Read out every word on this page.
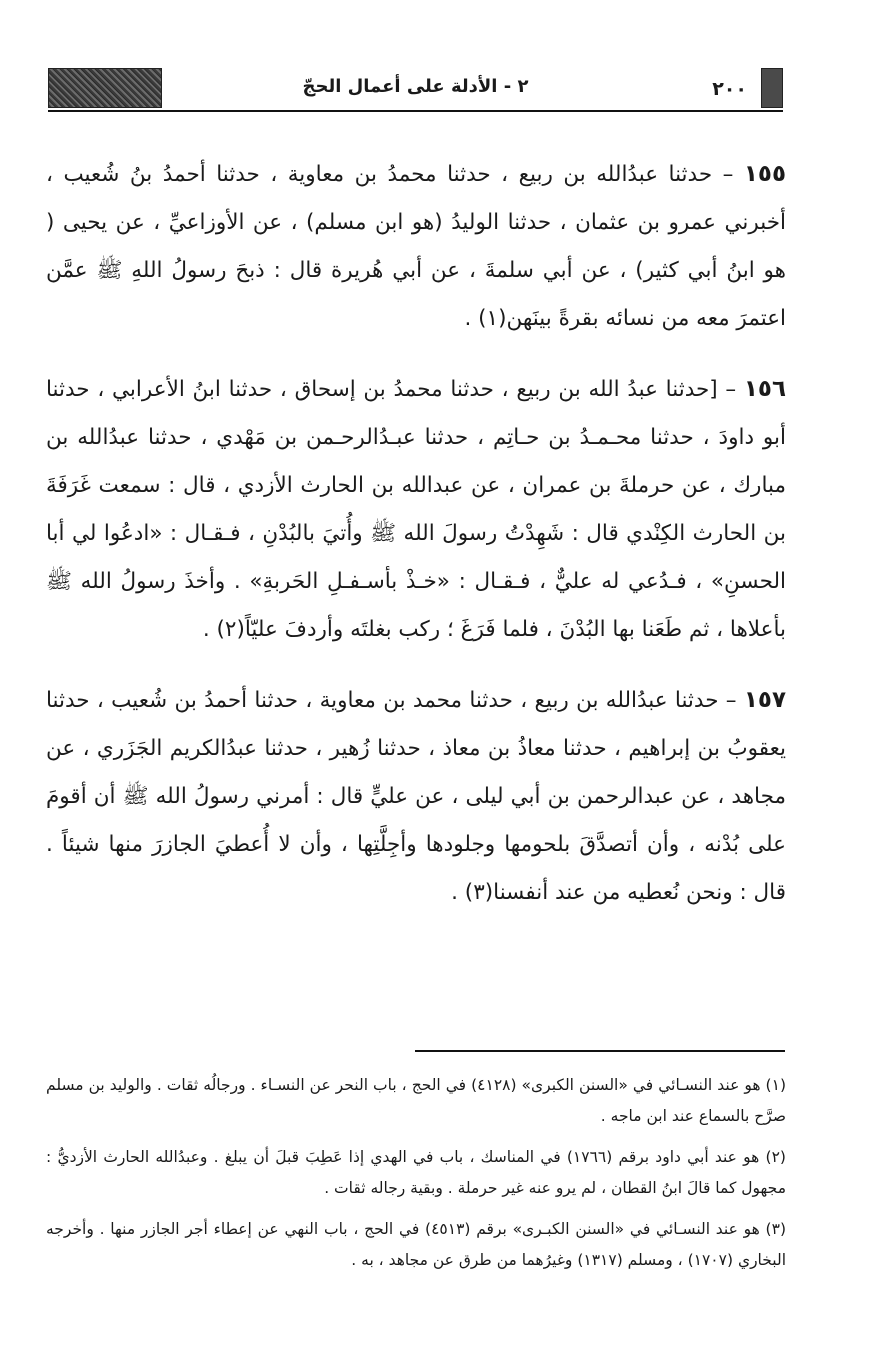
٢٠٠
٢ - الأدلة على أعمال الحجّ

١٥٥ – حدثنا عبدُالله بن ربيع ، حدثنا محمدُ بن معاوية ، حدثنا أحمدُ بنُ شُعيب ، أخبرني عمرو بن عثمان ، حدثنا الوليدُ (هو ابن مسلم) ، عن الأوزاعيِّ ، عن يحيى ( هو ابنُ أبي كثير) ، عن أبي سلمةَ ، عن أبي هُريرة قال : ذبحَ رسولُ اللهِ ﷺ عمَّن اعتمرَ معه من نسائه بقرةً بينَهن(١) .

١٥٦ – [حدثنا عبدُ الله بن ربيع ، حدثنا محمدُ بن إسحاق ، حدثنا ابنُ الأعرابي ، حدثنا أبو داودَ ، حدثنا محـمـدُ بن حـاتِم ، حدثنا عبـدُالرحـمن بن مَهْدي ، حدثنا عبدُالله بن مبارك ، عن حرملةَ بن عمران ، عن عبدالله بن الحارث الأزدي ، قال : سمعت غَرَفَةَ بن الحارث الكِنْدي قال : شَهِدْتُ رسولَ الله ﷺ وأُتيَ بالبُدْنِ ، فـقـال : «ادعُوا لي أبا الحسنِ» ، فـدُعي له عليٌّ ، فـقـال : «خـذْ بأسـفـلِ الحَربةِ» . وأخذَ رسولُ الله ﷺ بأعلاها ، ثم طَعَنا بها البُدْنَ ، فلما فَرَغَ ؛ ركب بغلتَه وأردفَ عليّاً(٢) .

١٥٧ – حدثنا عبدُالله بن ربيع ، حدثنا محمد بن معاوية ، حدثنا أحمدُ بن شُعيب ، حدثنا يعقوبُ بن إبراهيم ، حدثنا معاذُ بن معاذ ، حدثنا زُهير ، حدثنا عبدُالكريم الجَزَري ، عن مجاهد ، عن عبدالرحمن بن أبي ليلى ، عن عليٍّ قال : أمرني رسولُ الله ﷺ أن أقومَ على بُدْنه ، وأن أتصدَّقَ بلحومها وجلودها وأجِلَّتِها ، وأن لا أُعطيَ الجازرَ منها شيئاً . قال : ونحن نُعطيه من عند أنفسنا(٣) .

(١) هو عند النسـائي في «السنن الكبرى» (٤١٢٨) في الحج ، باب النحر عن النسـاء . ورجالُه ثقات . والوليد بن مسلم صرَّح بالسماع عند ابن ماجه .

(٢) هو عند أبي داود برقم (١٧٦٦) في المناسك ، باب في الهدي إذا عَطِبَ قبلَ أن يبلغ . وعبدُالله الحارث الأزديُّ : مجهول كما قالَ ابنُ القطان ، لم يرو عنه غير حرملة . وبقية رجاله ثقات .

(٣) هو عند النسـائي في «السنن الكبـرى» برقم (٤٥١٣) في الحج ، باب النهي عن إعطاء أجر الجازر منها . وأخرجه البخاري (١٧٠٧) ، ومسلم (١٣١٧) وغيرُهما من طرق عن مجاهد ، به .
